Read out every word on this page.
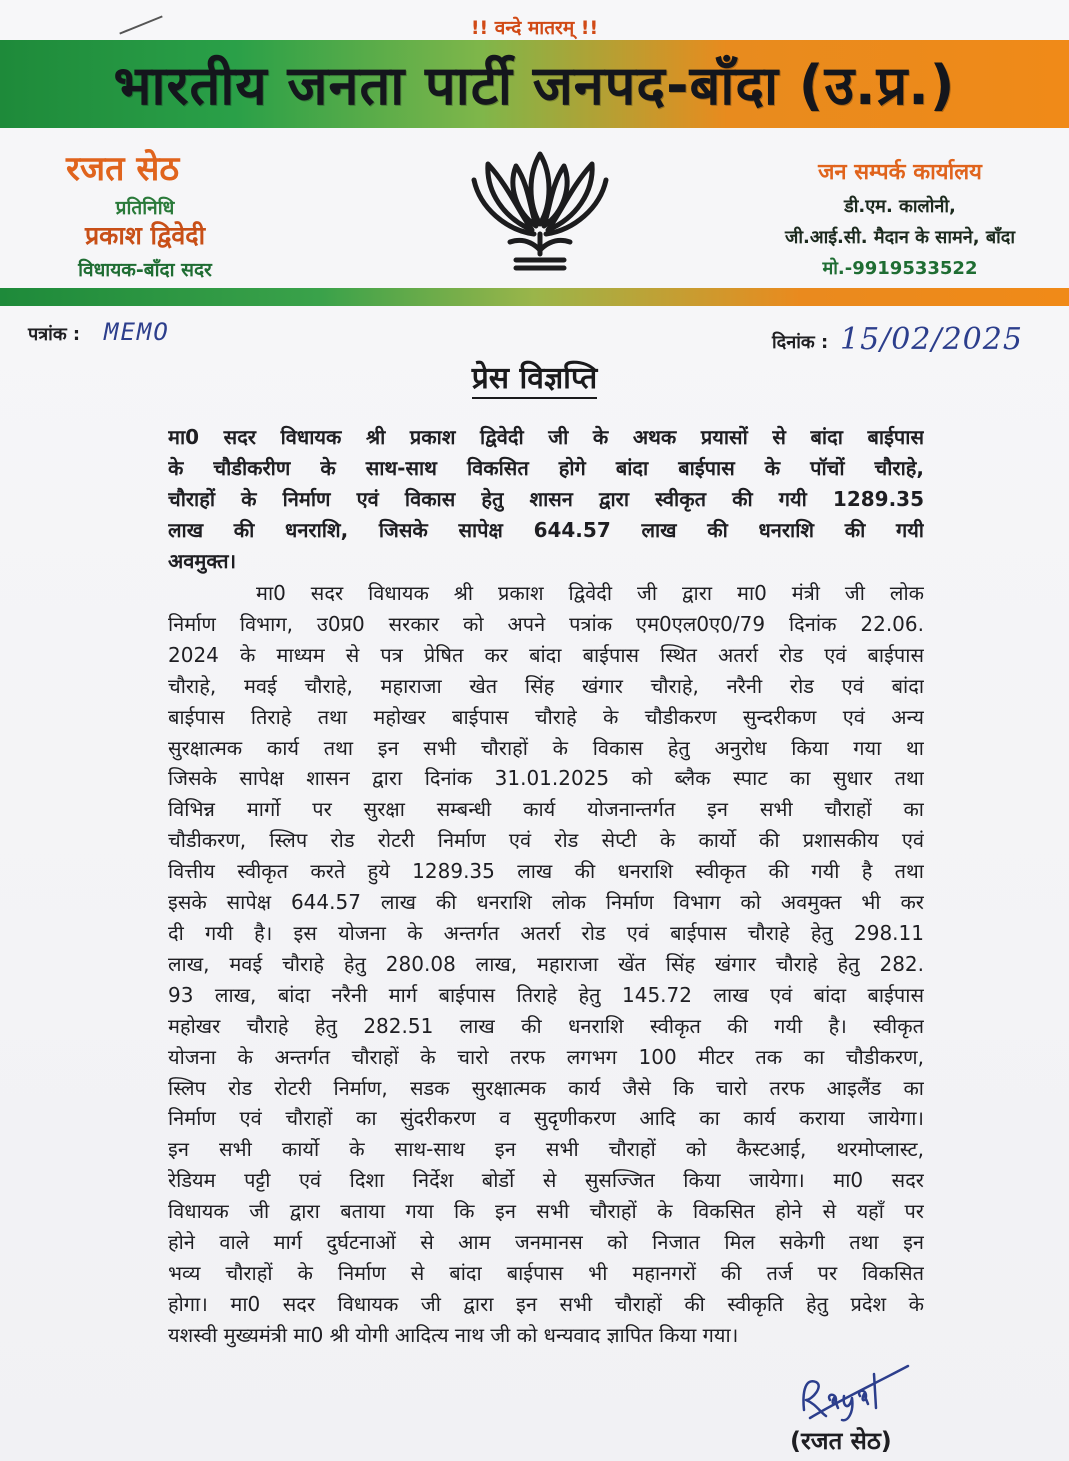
!! वन्दे मातरम् !!
भारतीय जनता पार्टी जनपद-बाँदा (उ.प्र.)
रजत सेठ
प्रतिनिधि
प्रकाश द्विवेदी
विधायक-बाँदा सदर
जन सम्पर्क कार्यालय
डी.एम. कालोनी,
जी.आई.सी. मैदान के सामने, बाँदा
मो.-9919533522
पत्रांक : MEMO	दिनांक : 15/02/2025
प्रेस विज्ञप्ति
मा0 सदर विधायक श्री प्रकाश द्विवेदी जी के अथक प्रयासों से बांदा बाईपास
के चौडीकरीण के साथ-साथ विकसित होगे बांदा बाईपास के पॉचों चौराहे,
चौराहों के निर्माण एवं विकास हेतु शासन द्वारा स्वीकृत की गयी 1289.35
लाख की धनराशि, जिसके सापेक्ष 644.57 लाख की धनराशि की गयी
अवमुक्त।
मा0 सदर विधायक श्री प्रकाश द्विवेदी जी द्वारा मा0 मंत्री जी लोक
निर्माण विभाग, उ0प्र0 सरकार को अपने पत्रांक एम0एल0ए0/79 दिनांक 22.06.
2024 के माध्यम से पत्र प्रेषित कर बांदा बाईपास स्थित अतर्रा रोड एवं बाईपास
चौराहे, मवई चौराहे, महाराजा खेत सिंह खंगार चौराहे, नरैनी रोड एवं बांदा
बाईपास तिराहे तथा महोखर बाईपास चौराहे के चौडीकरण सुन्दरीकण एवं अन्य
सुरक्षात्मक कार्य तथा इन सभी चौराहों के विकास हेतु अनुरोध किया गया था
जिसके सापेक्ष शासन द्वारा दिनांक 31.01.2025 को ब्लैक स्पाट का सुधार तथा
विभिन्न मार्गो पर सुरक्षा सम्बन्धी कार्य योजनान्तर्गत इन सभी चौराहों का
चौडीकरण, स्लिप रोड रोटरी निर्माण एवं रोड सेप्टी के कार्यो की प्रशासकीय एवं
वित्तीय स्वीकृत करते हुये 1289.35 लाख की धनराशि स्वीकृत की गयी है तथा
इसके सापेक्ष 644.57 लाख की धनराशि लोक निर्माण विभाग को अवमुक्त भी कर
दी गयी है। इस योजना के अन्तर्गत अतर्रा रोड एवं बाईपास चौराहे हेतु 298.11
लाख, मवई चौराहे हेतु 280.08 लाख, महाराजा खेंत सिंह खंगार चौराहे हेतु 282.
93 लाख, बांदा नरैनी मार्ग बाईपास तिराहे हेतु 145.72 लाख एवं बांदा बाईपास
महोखर चौराहे हेतु 282.51 लाख की धनराशि स्वीकृत की गयी है। स्वीकृत
योजना के अन्तर्गत चौराहों के चारो तरफ लगभग 100 मीटर तक का चौडीकरण,
स्लिप रोड रोटरी निर्माण, सडक सुरक्षात्मक कार्य जैसे कि चारो तरफ आइलैंड का
निर्माण एवं चौराहों का सुंदरीकरण व सुदृणीकरण आदि का कार्य कराया जायेगा।
इन सभी कार्यो के साथ-साथ इन सभी चौराहों को कैस्टआई, थरमोप्लास्ट,
रेडियम पट्टी एवं दिशा निर्देश बोर्डो से सुसज्जित किया जायेगा। मा0 सदर
विधायक जी द्वारा बताया गया कि इन सभी चौराहों के विकसित होने से यहाँ पर
होने वाले मार्ग दुर्घटनाओं से आम जनमानस को निजात मिल सकेगी तथा इन
भव्य चौराहों के निर्माण से बांदा बाईपास भी महानगरों की तर्ज पर विकसित
होगा। मा0 सदर विधायक जी द्वारा इन सभी चौराहों की स्वीकृति हेतु प्रदेश के
यशस्वी मुख्यमंत्री मा0 श्री योगी आदित्य नाथ जी को धन्यवाद ज्ञापित किया गया।
(रजत सेठ)
